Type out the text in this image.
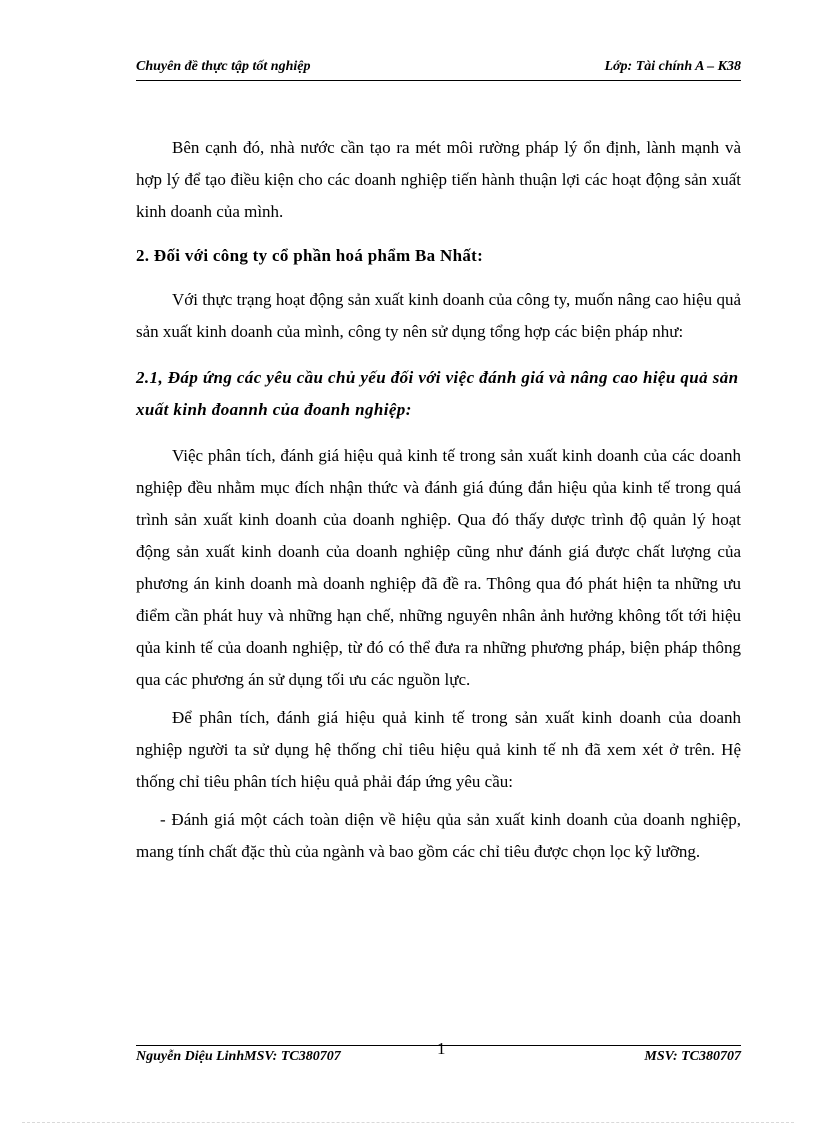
Chuyên đề thực tập tốt nghiệp	Lớp: Tài chính A – K38

Bên cạnh đó, nhà nước cần tạo ra mét môi rường pháp lý ổn định, lành mạnh và hợp lý để tạo điều kiện cho các doanh nghiệp tiến hành thuận lợi các hoạt động sản xuất kinh doanh của mình.

2. Đối với công ty cổ phần hoá phẩm Ba Nhất:

Với thực trạng hoạt động sản xuất kinh doanh của công ty, muốn nâng cao hiệu quả sản xuất kinh doanh của mình, công ty nên sử dụng tổng hợp các biện pháp như:

2.1, Đáp ứng các yêu cầu chủ yếu đối với việc đánh giá và nâng cao hiệu quả sản xuất kinh đoannh của đoanh nghiệp:

Việc phân tích, đánh giá hiệu quả kinh tế trong sản xuất kinh doanh của các doanh nghiệp đều nhằm mục đích nhận thức và đánh giá đúng đắn hiệu qủa kinh tế trong quá trình sản xuất kinh doanh của doanh nghiệp. Qua đó thấy dược trình độ quản lý hoạt động sản xuất kinh doanh của doanh nghiệp cũng như đánh giá được chất lượng của phương án kinh doanh mà doanh nghiệp đã đề ra. Thông qua đó phát hiện ta những ưu điểm cần phát huy và những hạn chế, những nguyên nhân ảnh hưởng không tốt tới hiệu qủa kinh tế của doanh nghiệp, từ đó có thể đưa ra những phương pháp, biện pháp thông qua các phương án sử dụng tối ưu các nguồn lực.

Để phân tích, đánh giá hiệu quả kinh tế trong sản xuất kinh doanh của doanh nghiệp người ta sử dụng hệ thống chỉ tiêu hiệu quả kinh tế nh đã xem xét ở trên. Hệ thống chỉ tiêu phân tích hiệu quả phải đáp ứng yêu cầu:

- Đánh giá một cách toàn diện về hiệu qủa sản xuất kinh doanh của doanh nghiệp, mang tính chất đặc thù của ngành và bao gồm các chỉ tiêu được chọn lọc kỹ lưỡng.

Nguyễn Diệu LinhMSV: TC380707	1	MSV: TC380707
